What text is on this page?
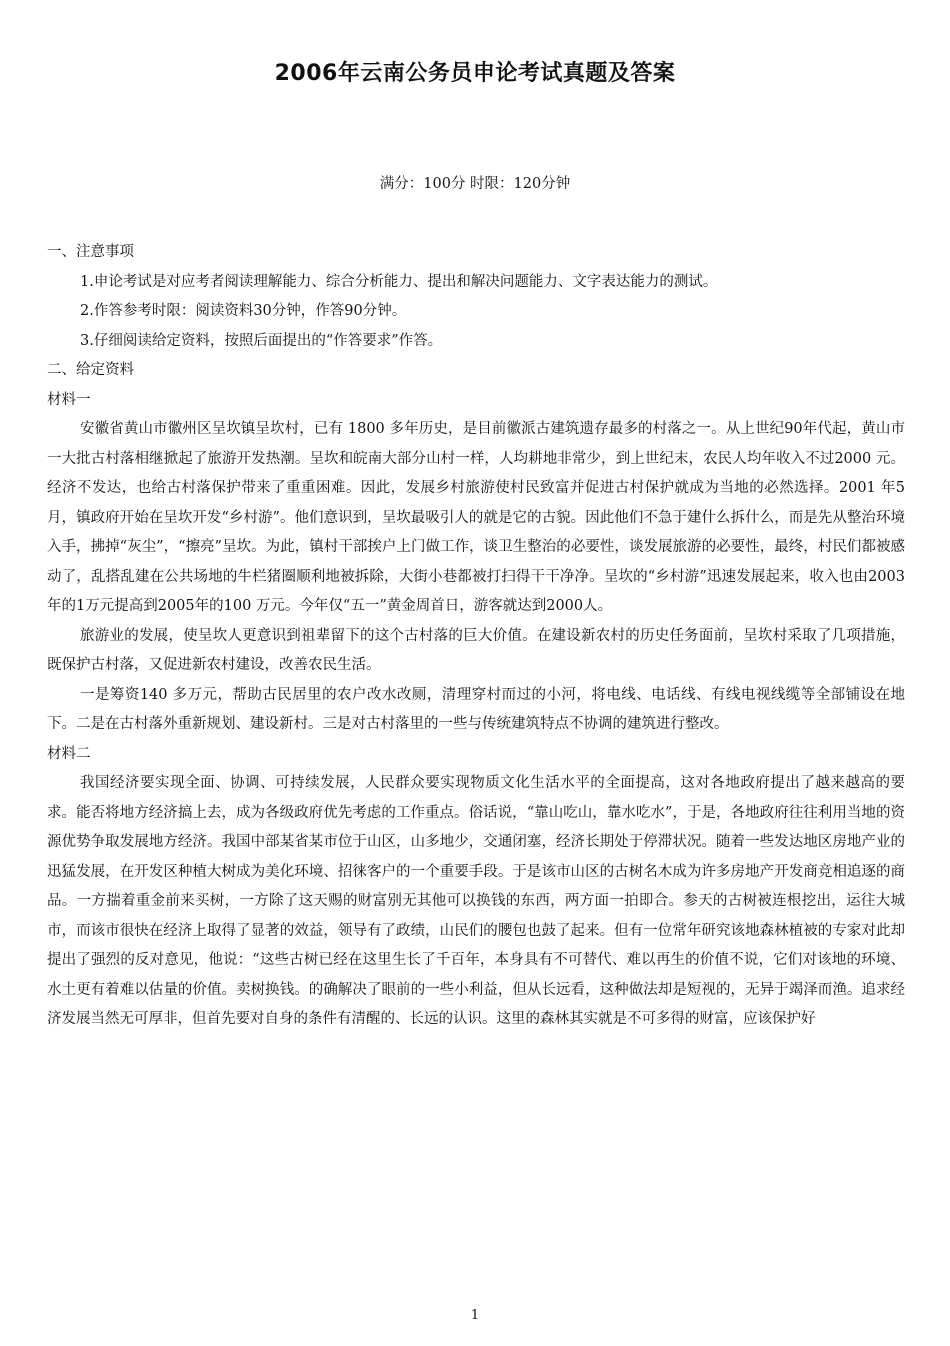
2006年云南公务员申论考试真题及答案
满分：100分 时限：120分钟

一、注意事项

1.申论考试是对应考者阅读理解能力、综合分析能力、提出和解决问题能力、文字表达能力的测试。

2.作答参考时限：阅读资料30分钟，作答90分钟。

3.仔细阅读给定资料，按照后面提出的“作答要求”作答。

二、给定资料

材料一

安徽省黄山市徽州区呈坎镇呈坎村，已有 1800 多年历史，是目前徽派古建筑遗存最多的村落之一。从上世纪90年代起，黄山市一大批古村落相继掀起了旅游开发热潮。呈坎和皖南大部分山村一样，人均耕地非常少，到上世纪末，农民人均年收入不过2000 元。经济不发达，也给古村落保护带来了重重困难。因此，发展乡村旅游使村民致富并促进古村保护就成为当地的必然选择。2001 年5 月，镇政府开始在呈坎开发“乡村游”。他们意识到，呈坎最吸引人的就是它的古貌。因此他们不急于建什么拆什么，而是先从整治环境入手，拂掉“灰尘”，“擦亮”呈坎。为此，镇村干部挨户上门做工作，谈卫生整治的必要性，谈发展旅游的必要性，最终，村民们都被感动了，乱搭乱建在公共场地的牛栏猪圈顺利地被拆除，大街小巷都被打扫得干干净净。呈坎的“乡村游”迅速发展起来，收入也由2003年的1万元提高到2005年的100 万元。今年仅“五一”黄金周首日，游客就达到2000人。

旅游业的发展，使呈坎人更意识到祖辈留下的这个古村落的巨大价值。在建设新农村的历史任务面前，呈坎村采取了几项措施，既保护古村落，又促进新农村建设，改善农民生活。

一是筹资140 多万元，帮助古民居里的农户改水改厕，清理穿村而过的小河，将电线、电话线、有线电视线缆等全部铺设在地下。二是在古村落外重新规划、建设新村。三是对古村落里的一些与传统建筑特点不协调的建筑进行整改。

材料二

我国经济要实现全面、协调、可持续发展，人民群众要实现物质文化生活水平的全面提高，这对各地政府提出了越来越高的要求。能否将地方经济搞上去，成为各级政府优先考虑的工作重点。俗话说，“靠山吃山，靠水吃水”，于是，各地政府往往利用当地的资源优势争取发展地方经济。我国中部某省某市位于山区，山多地少，交通闭塞，经济长期处于停滞状况。随着一些发达地区房地产业的迅猛发展，在开发区种植大树成为美化环境、招徕客户的一个重要手段。于是该市山区的古树名木成为许多房地产开发商竞相追逐的商品。一方揣着重金前来买树，一方除了这天赐的财富别无其他可以换钱的东西，两方面一拍即合。参天的古树被连根挖出，运往大城市，而该市很快在经济上取得了显著的效益，领导有了政绩，山民们的腰包也鼓了起来。但有一位常年研究该地森林植被的专家对此却提出了强烈的反对意见，他说：“这些古树已经在这里生长了千百年，本身具有不可替代、难以再生的价值不说，它们对该地的环境、水土更有着难以估量的价值。卖树换钱。的确解决了眼前的一些小利益，但从长远看，这种做法却是短视的，无异于竭泽而渔。追求经济发展当然无可厚非，但首先要对自身的条件有清醒的、长远的认识。这里的森林其实就是不可多得的财富，应该保护好

1
